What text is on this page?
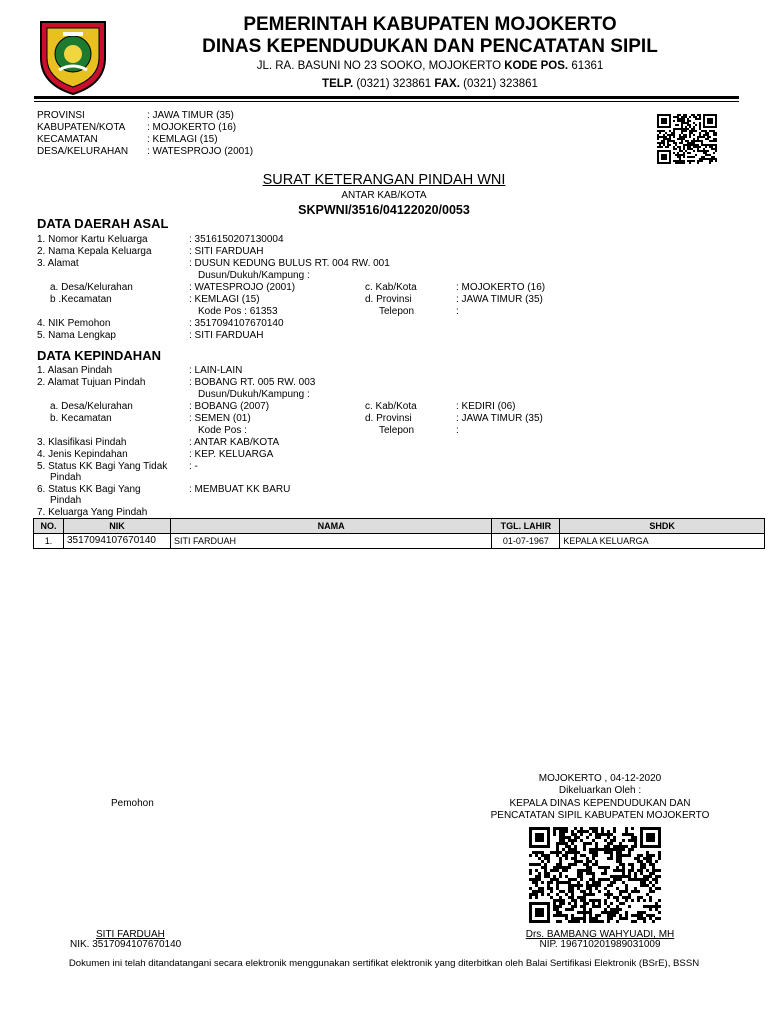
PEMERINTAH KABUPATEN MOJOKERTO
DINAS KEPENDUDUKAN DAN PENCATATAN SIPIL
JL. RA. BASUNI NO 23 SOOKO, MOJOKERTO KODE POS. 61361
TELP. (0321) 323861 FAX. (0321) 323861
PROVINSI	: JAWA TIMUR (35)
KABUPATEN/KOTA : MOJOKERTO (16)
KECAMATAN	: KEMLAGI (15)
DESA/KELURAHAN : WATESPROJO (2001)
SURAT KETERANGAN PINDAH WNI
ANTAR KAB/KOTA
SKPWNI/3516/04122020/0053
DATA DAERAH ASAL
1. Nomor Kartu Keluarga	: 3516150207130004
2. Nama Kepala Keluarga	: SITI FARDUAH
3. Alamat	: DUSUN KEDUNG BULUS RT. 004 RW. 001
Dusun/Dukuh/Kampung :
a. Desa/Kelurahan	: WATESPROJO (2001)	c. Kab/Kota	: MOJOKERTO (16)
b .Kecamatan	: KEMLAGI (15)	d. Provinsi	: JAWA TIMUR (35)
Kode Pos : 61353	Telepon	:
4. NIK Pemohon	: 3517094107670140
5. Nama Lengkap	: SITI FARDUAH
DATA KEPINDAHAN
1. Alasan Pindah	: LAIN-LAIN
2. Alamat Tujuan Pindah	: BOBANG RT. 005 RW. 003
Dusun/Dukuh/Kampung :
a. Desa/Kelurahan	: BOBANG (2007)	c. Kab/Kota	: KEDIRI (06)
b. Kecamatan	: SEMEN (01)	d. Provinsi	: JAWA TIMUR (35)
Kode Pos :	Telepon	:
3. Klasifikasi Pindah	: ANTAR KAB/KOTA
4. Jenis Kepindahan	: KEP. KELUARGA
5. Status KK Bagi Yang Tidak
Pindah
: -
6. Status KK Bagi Yang
Pindah
: MEMBUAT KK BARU
7. Keluarga Yang Pindah
NO.	NIK	NAMA	TGL. LAHIR	SHDK
1.	3517094107670140	SITI FARDUAH	01-07-1967	KEPALA KELUARGA
Pemohon
MOJOKERTO , 04-12-2020
Dikeluarkan Oleh :
KEPALA DINAS KEPENDUDUKAN DAN
PENCATATAN SIPIL KABUPATEN MOJOKERTO
SITI FARDUAH
NIK. 3517094107670140
Drs. BAMBANG WAHYUADI, MH
NIP. 196710201989031009
Dokumen ini telah ditandatangani secara elektronik menggunakan sertifikat elektronik yang diterbitkan oleh Balai Sertifikasi Elektronik (BSrE), BSSN
